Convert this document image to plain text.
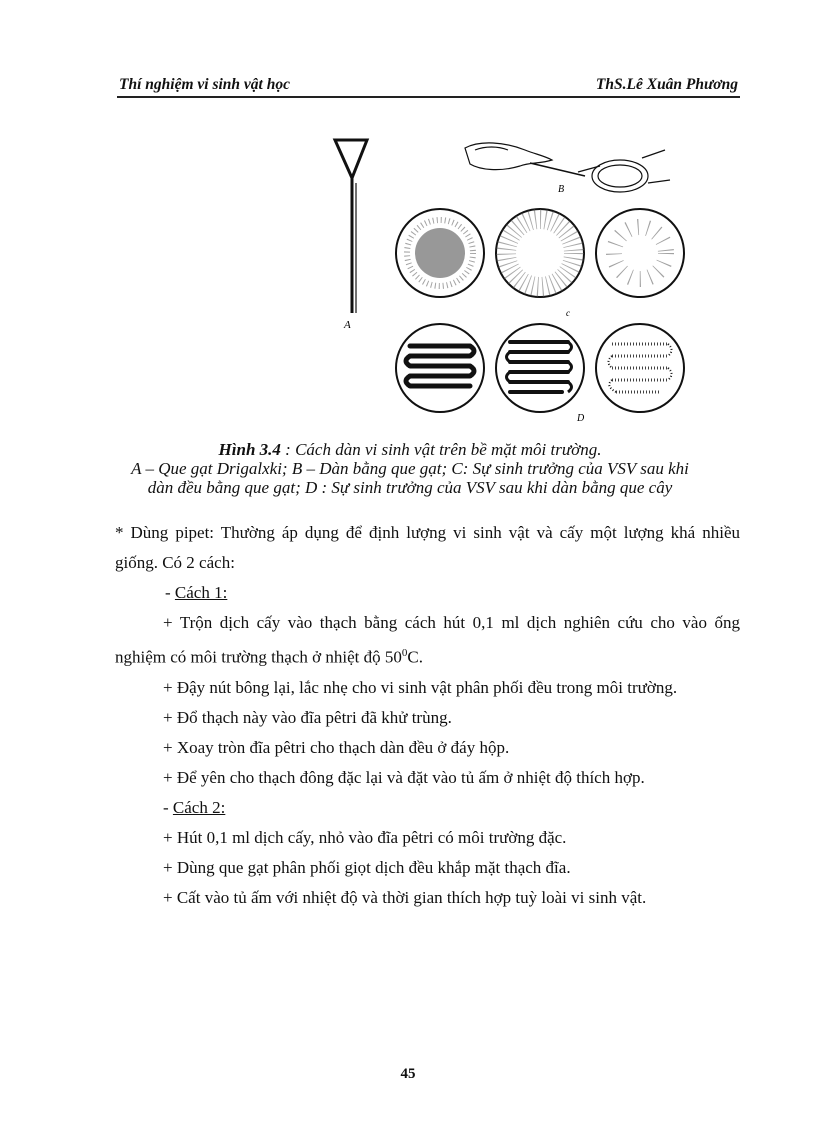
Thí nghiệm vi sinh vật học	ThS.Lê Xuân Phương
A
B
c
D
Hình 3.4 : Cách dàn vi sinh vật trên bề mặt môi trường.
A – Que gạt Drigalxki; B – Dàn bằng que gạt; C: Sự sinh trưởng của VSV sau khi
dàn đều bằng que gạt; D : Sự sinh trưởng của VSV sau khi dàn bằng que cây

* Dùng pipet: Thường áp dụng để định lượng vi sinh vật và cấy một lượng khá nhiều giống. Có 2 cách:

- Cách 1:

+ Trộn dịch cấy vào thạch bằng cách hút 0,1 ml dịch nghiên cứu cho vào ống nghiệm có môi trường thạch ở nhiệt độ $50^0C$.

+ Đậy nút bông lại, lắc nhẹ cho vi sinh vật phân phối đều trong môi trường.

+ Đổ thạch này vào đĩa pêtri đã khử trùng.

+ Xoay tròn đĩa pêtri cho thạch dàn đều ở đáy hộp.

+ Để yên cho thạch đông đặc lại và đặt vào tủ ấm ở nhiệt độ thích hợp.

- Cách 2:

+ Hút 0,1 ml dịch cấy, nhỏ vào đĩa pêtri có môi trường đặc.

+ Dùng que gạt phân phối giọt dịch đều khắp mặt thạch đĩa.

+ Cất vào tủ ấm với nhiệt độ và thời gian thích hợp tuỳ loài vi sinh vật.

45
